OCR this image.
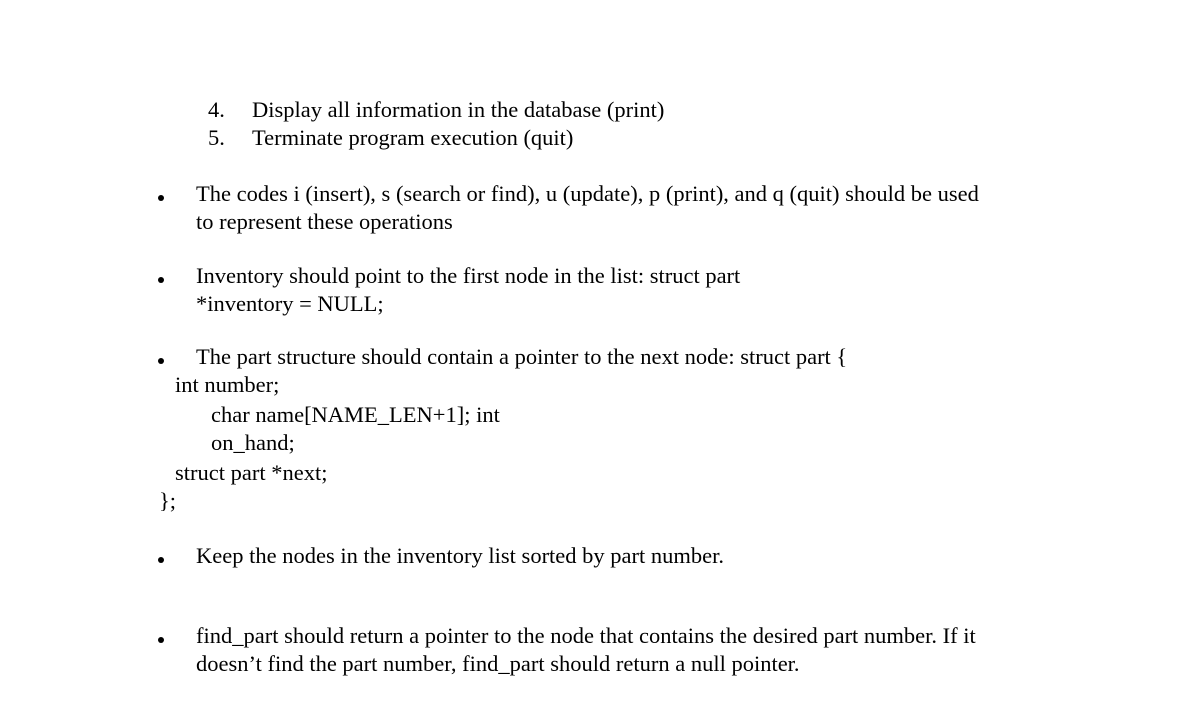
4. Display all information in the database (print)
5. Terminate program execution (quit)
The codes i (insert), s (search or find), u (update), p (print), and q (quit) should be used
to represent these operations
Inventory should point to the first node in the list: struct part
*inventory = NULL;
The part structure should contain a pointer to the next node: struct part {
int number;
char name[NAME_LEN+1]; int
on_hand;
struct part *next;
};
Keep the nodes in the inventory list sorted by part number.
find_part should return a pointer to the node that contains the desired part number. If it
doesn’t find the part number, find_part should return a null pointer.
